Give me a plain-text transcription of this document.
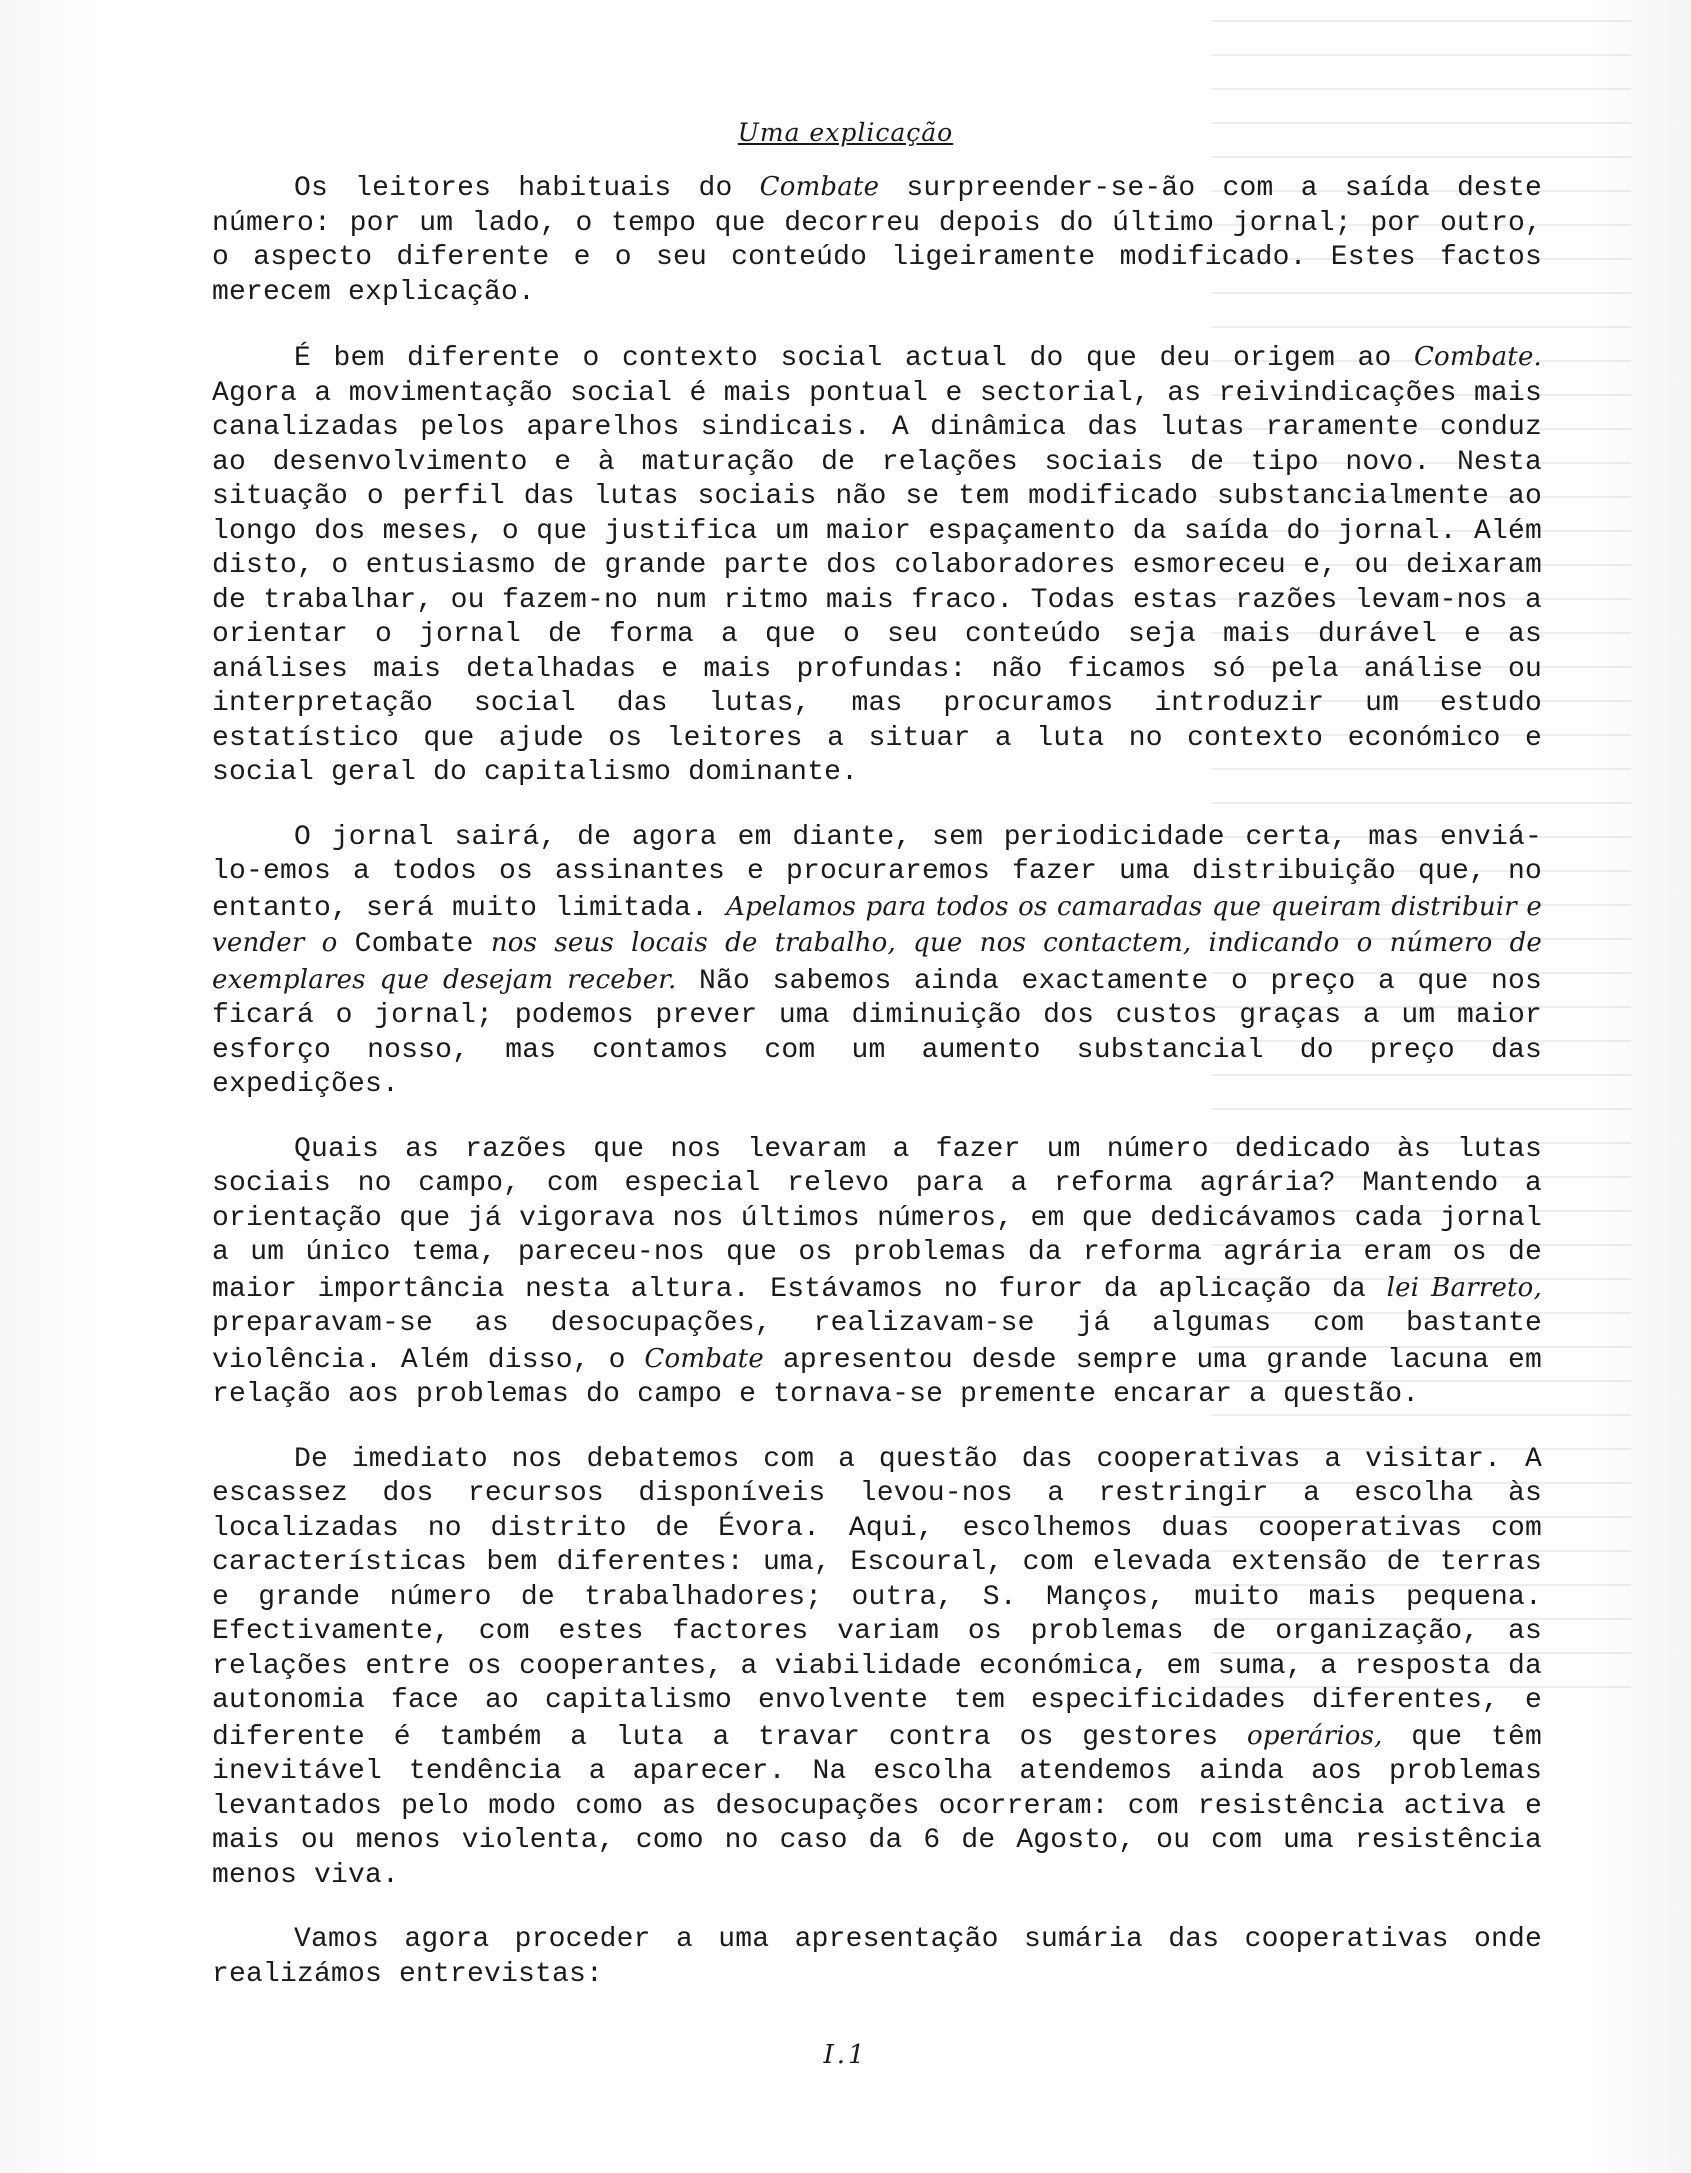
Uma explicação

Os leitores habituais do Combate surpreender-se-ão com a saída deste número: por um lado, o tempo que decorreu depois do último jornal; por outro, o aspecto diferente e o seu conteúdo ligeiramente modificado. Estes factos merecem explicação.

É bem diferente o contexto social actual do que deu origem ao Combate. Agora a movimentação social é mais pontual e sectorial, as reivindicações mais canalizadas pelos aparelhos sindicais. A dinâmica das lutas raramente conduz ao desenvolvimento e à maturação de relações sociais de tipo novo. Nesta situação o perfil das lutas sociais não se tem modificado substancialmente ao longo dos meses, o que justifica um maior espaçamento da saída do jornal. Além disto, o entusiasmo de grande parte dos colaboradores esmoreceu e, ou deixaram de trabalhar, ou fazem-no num ritmo mais fraco. Todas estas razões levam-nos a orientar o jornal de forma a que o seu conteúdo seja mais durável e as análises mais detalhadas e mais profundas: não ficamos só pela análise ou interpretação social das lutas, mas procuramos introduzir um estudo estatístico que ajude os leitores a situar a luta no contexto económico e social geral do capitalismo dominante.

O jornal sairá, de agora em diante, sem periodicidade certa, mas enviá-lo-emos a todos os assinantes e procuraremos fazer uma distribuição que, no entanto, será muito limitada. Apelamos para todos os camaradas que queiram distribuir e vender o Combate nos seus locais de trabalho, que nos contactem, indicando o número de exemplares que desejam receber. Não sabemos ainda exactamente o preço a que nos ficará o jornal; podemos prever uma diminuição dos custos graças a um maior esforço nosso, mas contamos com um aumento substancial do preço das expedições.

Quais as razões que nos levaram a fazer um número dedicado às lutas sociais no campo, com especial relevo para a reforma agrária? Mantendo a orientação que já vigorava nos últimos números, em que dedicávamos cada jornal a um único tema, pareceu-nos que os problemas da reforma agrária eram os de maior importância nesta altura. Estávamos no furor da aplicação da lei Barreto, preparavam-se as desocupações, realizavam-se já algumas com bastante violência. Além disso, o Combate apresentou desde sempre uma grande lacuna em relação aos problemas do campo e tornava-se premente encarar a questão.

De imediato nos debatemos com a questão das cooperativas a visitar. A escassez dos recursos disponíveis levou-nos a restringir a escolha às localizadas no distrito de Évora. Aqui, escolhemos duas cooperativas com características bem diferentes: uma, Escoural, com elevada extensão de terras e grande número de trabalhadores; outra, S. Manços, muito mais pequena. Efectivamente, com estes factores variam os problemas de organização, as relações entre os cooperantes, a viabilidade económica, em suma, a resposta da autonomia face ao capitalismo envolvente tem especificidades diferentes, e diferente é também a luta a travar contra os gestores operários, que têm inevitável tendência a aparecer. Na escolha atendemos ainda aos problemas levantados pelo modo como as desocupações ocorreram: com resistência activa e mais ou menos violenta, como no caso da 6 de Agosto, ou com uma resistência menos viva.

Vamos agora proceder a uma apresentação sumária das cooperativas onde realizámos entrevistas:

I.1
